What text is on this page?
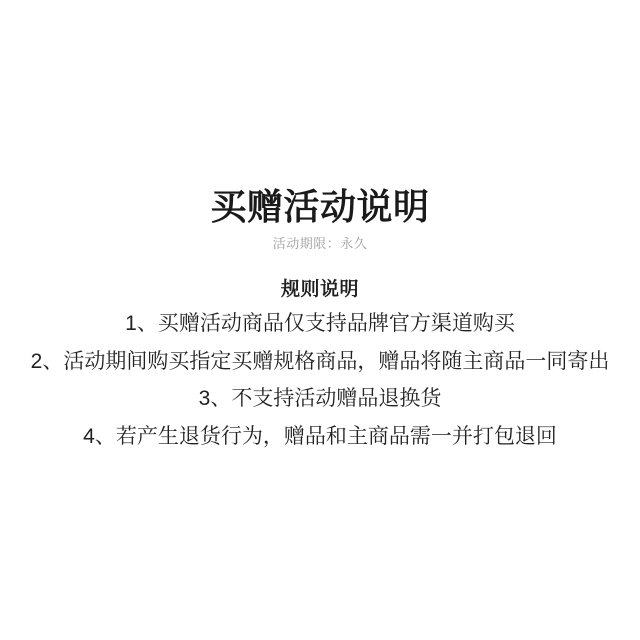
买赠活动说明
活动期限：永久
规则说明
1、买赠活动商品仅支持品牌官方渠道购买
2、活动期间购买指定买赠规格商品，赠品将随主商品一同寄出
3、不支持活动赠品退换货
4、若产生退货行为，赠品和主商品需一并打包退回
